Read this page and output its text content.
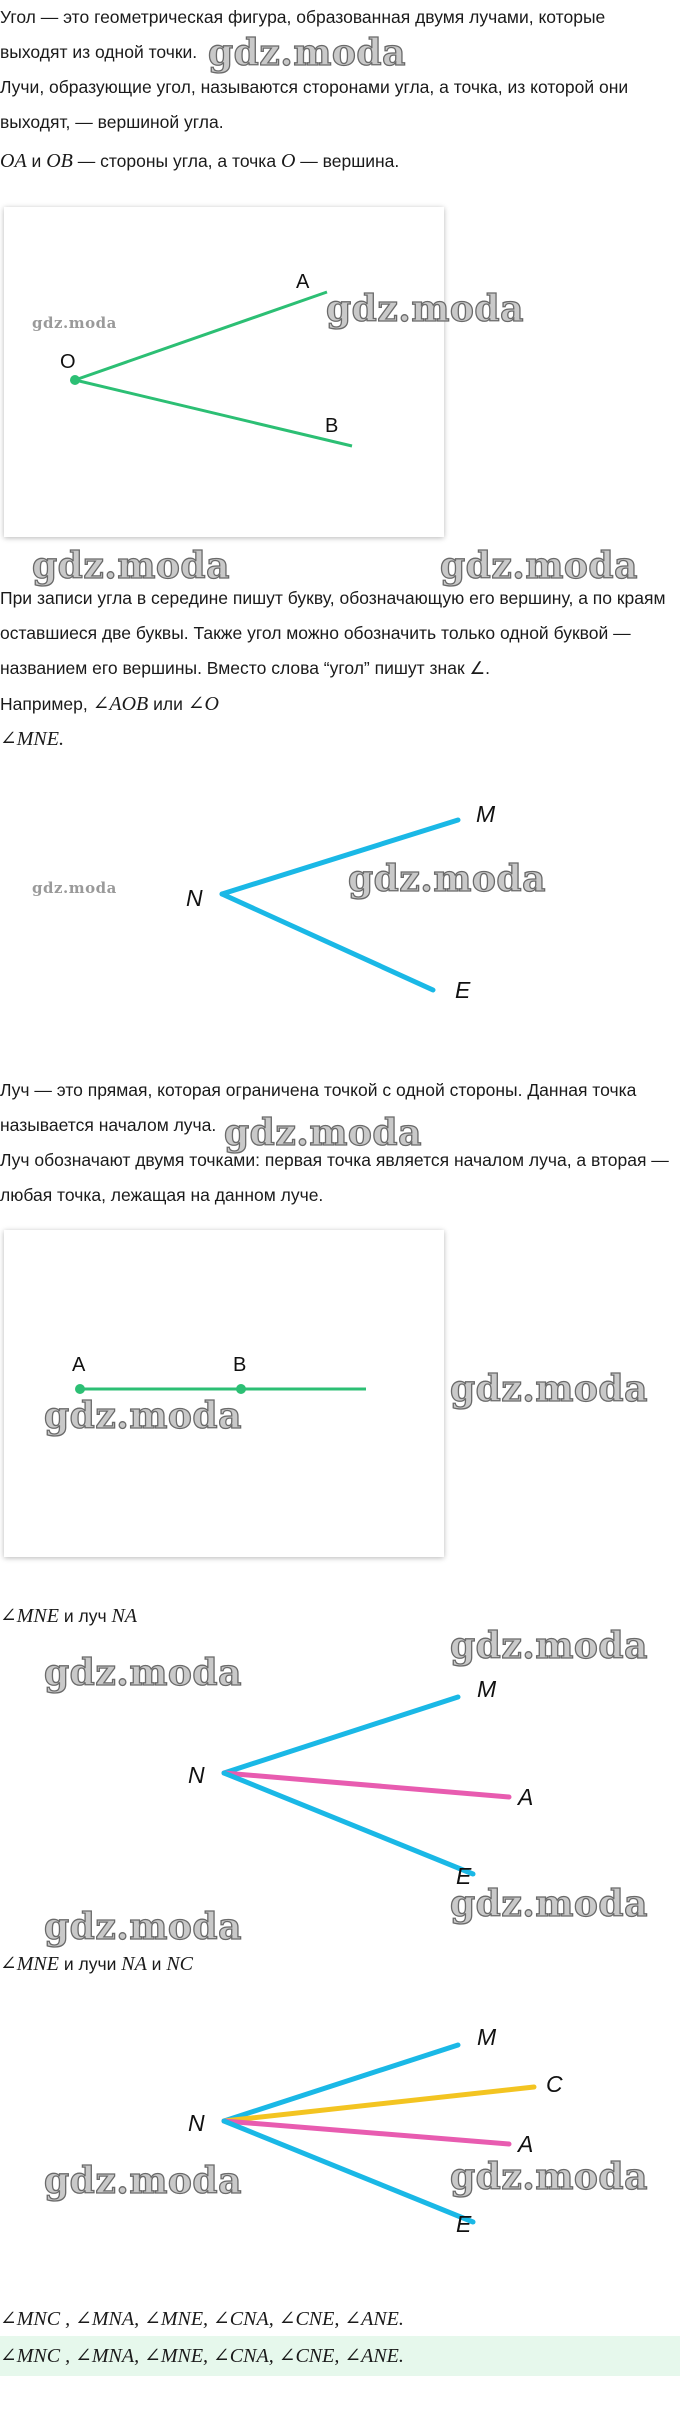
Угол — это геометрическая фигура, образованная двумя лучами, которые выходят из одной точки.

Лучи, образующие угол, называются сторонами угла, а точка, из которой они выходят, — вершиной угла.

OA и OB — стороны угла, а точка O — вершина.

gdz.moda
A
O
B
gdz.moda	gdz.moda
gdz.moda	gdz.moda

При записи угла в середине пишут букву, обозначающую его вершину, а по краям оставшиеся две буквы. Также угол можно обозначить только одной буквой — названием его вершины. Вместо слова “угол” пишут знак ∠.

Например, ∠AOB или ∠O

∠MNE.

M
N
E
gdz.moda	gdz.moda

Луч — это прямая, которая ограничена точкой с одной стороны. Данная точка называется началом луча. gdz.moda

Луч обозначают двумя точками: первая точка является началом луча, а вторая — любая точка, лежащая на данном луче.

A	B
gdz.moda
gdz.moda

∠MNE и луч NA

gdz.moda
gdz.moda	M
N
A
E
gdz.moda
gdz.moda

∠MNE и лучи NA и NC

M
N
C
A
E
gdz.moda	gdz.moda

∠MNC , ∠MNA, ∠MNE, ∠CNA, ∠CNE, ∠ANE.

∠MNC , ∠MNA, ∠MNE, ∠CNA, ∠CNE, ∠ANE.
